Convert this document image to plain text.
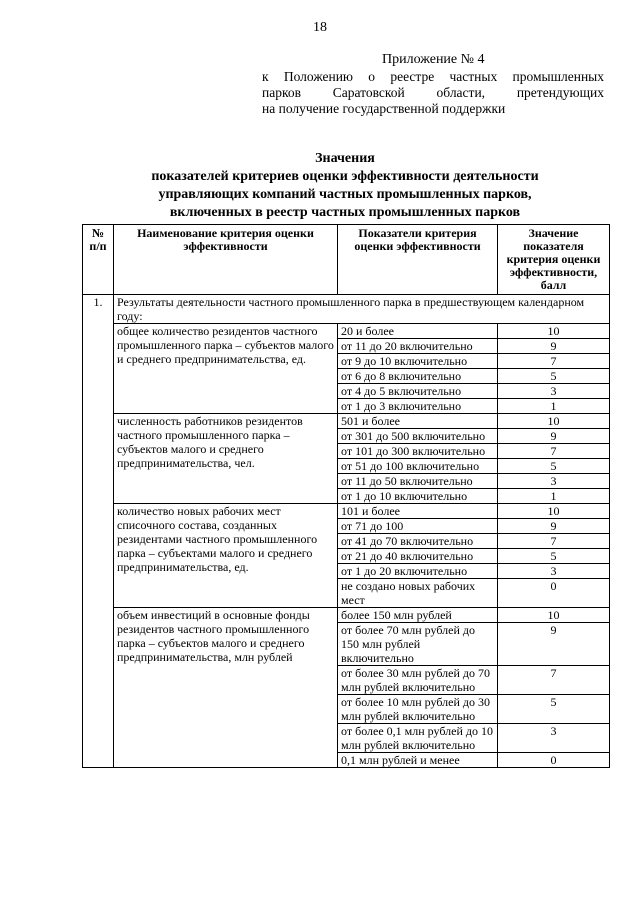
18
Приложение № 4
к Положению о реестре частных промышленных
парков Саратовской области, претендующих
на получение государственной поддержки
Значения
показателей критериев оценки эффективности деятельности
управляющих компаний частных промышленных парков,
включенных в реестр частных промышленных парков
№ п/п	Наименование критерия оценки эффективности	Показатели критерия оценки эффективности	Значение показателя критерия оценки эффективности, балл
1.	Результаты деятельности частного промышленного парка в предшествующем календарном году:		
	общее количество резидентов частного промышленного парка – субъектов малого и среднего предпринимательства, ед.	20 и более	10
		от 11 до 20 включительно	9
		от 9 до 10 включительно	7
		от 6 до 8 включительно	5
		от 4 до 5 включительно	3
		от 1 до 3 включительно	1
	численность работников резидентов частного промышленного парка – субъектов малого и среднего предпринимательства, чел.	501 и более	10
		от 301 до 500 включительно	9
		от 101 до 300 включительно	7
		от 51 до 100 включительно	5
		от 11 до 50 включительно	3
		от 1 до 10 включительно	1
	количество новых рабочих мест списочного состава, созданных резидентами частного промышленного парка – субъектами малого и среднего предпринимательства, ед.	101 и более	10
		от 71 до 100	9
		от 41 до 70 включительно	7
		от 21 до 40 включительно	5
		от 1 до 20 включительно	3
		не создано новых рабочих мест	0
	объем инвестиций в основные фонды резидентов частного промышленного парка – субъектов малого и среднего предпринимательства, млн рублей	более 150 млн рублей	10
		от более 70 млн рублей до 150 млн рублей включительно	9
		от более 30 млн рублей до 70 млн рублей включительно	7
		от более 10 млн рублей до 30 млн рублей включительно	5
		от более 0,1 млн рублей до 10 млн рублей включительно	3
		0,1 млн рублей и менее	0
